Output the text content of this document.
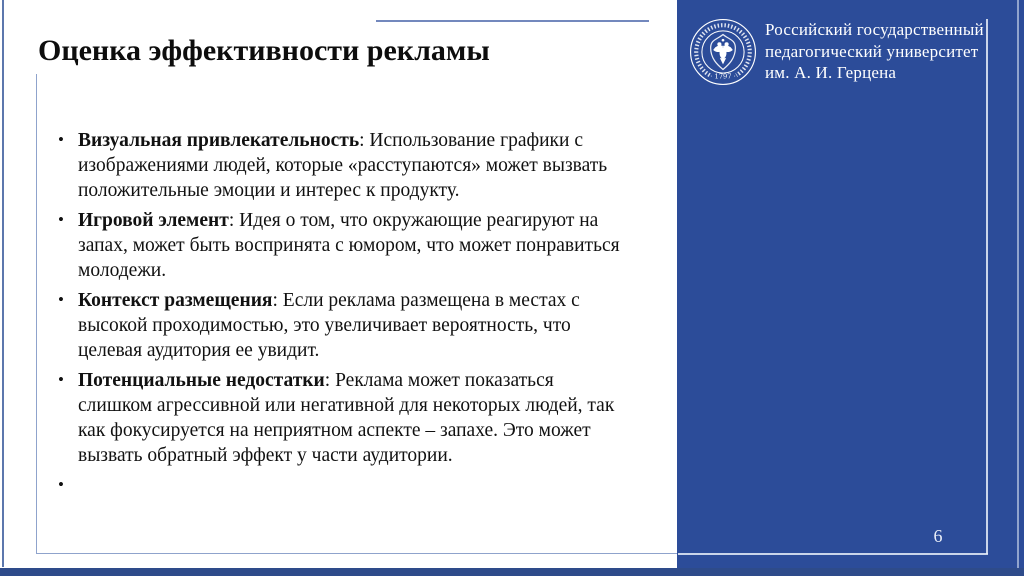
Оценка эффективности рекламы
• Визуальная привлекательность: Использование графики с изображениями людей, которые «расступаются» может вызвать положительные эмоции и интерес к продукту.
• Игровой элемент: Идея о том, что окружающие реагируют на запах, может быть воспринята с юмором, что может понравиться молодежи.
• Контекст размещения: Если реклама размещена в местах с высокой проходимостью, это увеличивает вероятность, что целевая аудитория ее увидит.
• Потенциальные недостатки: Реклама может показаться слишком агрессивной или негативной для некоторых людей, так как фокусируется на неприятном аспекте – запахе. Это может вызвать обратный эффект у части аудитории.
•
· 1797 ·
Российский государственный
педагогический университет
им. А. И. Герцена
6
